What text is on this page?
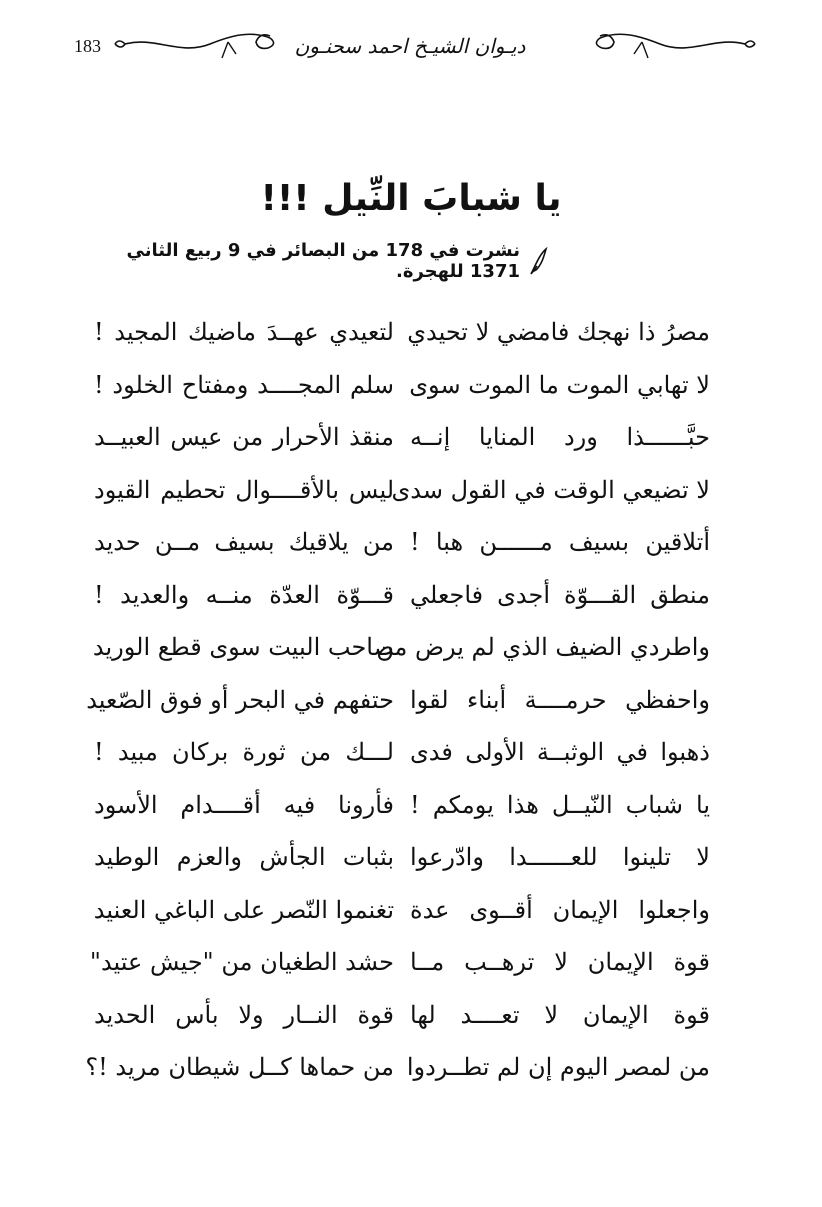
183	ديـوان الشيـخ احمد سحنـون
يا شبابَ النِّيل !!!
نشرت في 178 من البصائر في 9 ربيع الثاني 1371 للهجرة.
مصرُ ذا نهجك فامضي لا تحيدي
لتعيدي عهــدَ ماضيك المجيد !
لا تهابي الموت ما الموت سوى
سلم المجــــد ومفتاح الخلود !
حبَّــــــذا ورد المنايا إنــه
منقذ الأحرار من عيس العبيــد
لا تضيعي الوقت في القول سدى
ليس بالأقــــوال تحطيم القيود
أتلاقين بسيف مــــــن هبا !
من يلاقيك بسيف مــن حديد
منطق القـــوّة أجدى فاجعلي
قـــوّة العدّة منــه والعديد !
واطردي الضيف الذي لم يرض من
صاحب البيت سوى قطع الوريد
واحفظي حرمــــة أبناء لقوا
حتفهم في البحر أو فوق الصّعيد
ذهبوا في الوثبــة الأولى فدى
لـــك من ثورة بركان مبيد !
يا شباب النّيــل هذا يومكم !
فأرونا فيه أقــــدام الأسود
لا تلينوا للعــــــدا وادّرعوا
بثبات الجأش والعزم الوطيد
واجعلوا الإيمان أقــوى عدة
تغنموا النّصر على الباغي العنيد
قوة الإيمان لا ترهــب مــا
حشد الطغيان من "جيش عتيد"
قوة الإيمان لا تعــــد لها
قوة النــار ولا بأس الحديد
من لمصر اليوم إن لم تطــردوا
من حماها كــل شيطان مريد !؟
